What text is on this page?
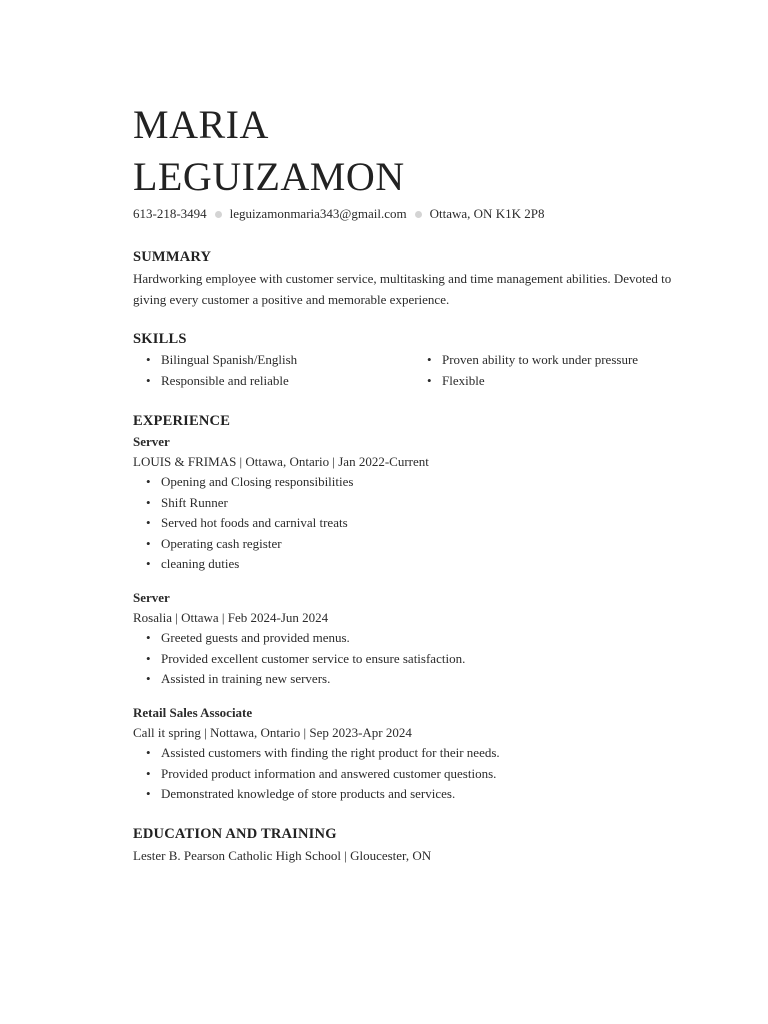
MARIA
LEGUIZAMON
613-218-3494 leguizamonmaria343@gmail.com Ottawa, ON K1K 2P8
SUMMARY
Hardworking employee with customer service, multitasking and time management abilities. Devoted to giving every customer a positive and memorable experience.
SKILLS
• Bilingual Spanish/English
• Responsible and reliable
• Proven ability to work under pressure
• Flexible
EXPERIENCE
Server
LOUIS & FRIMAS | Ottawa, Ontario | Jan 2022-Current
• Opening and Closing responsibilities
• Shift Runner
• Served hot foods and carnival treats
• Operating cash register
• cleaning duties
Server
Rosalia | Ottawa | Feb 2024-Jun 2024
• Greeted guests and provided menus.
• Provided excellent customer service to ensure satisfaction.
• Assisted in training new servers.
Retail Sales Associate
Call it spring | Nottawa, Ontario | Sep 2023-Apr 2024
• Assisted customers with finding the right product for their needs.
• Provided product information and answered customer questions.
• Demonstrated knowledge of store products and services.
EDUCATION AND TRAINING
Lester B. Pearson Catholic High School | Gloucester, ON
